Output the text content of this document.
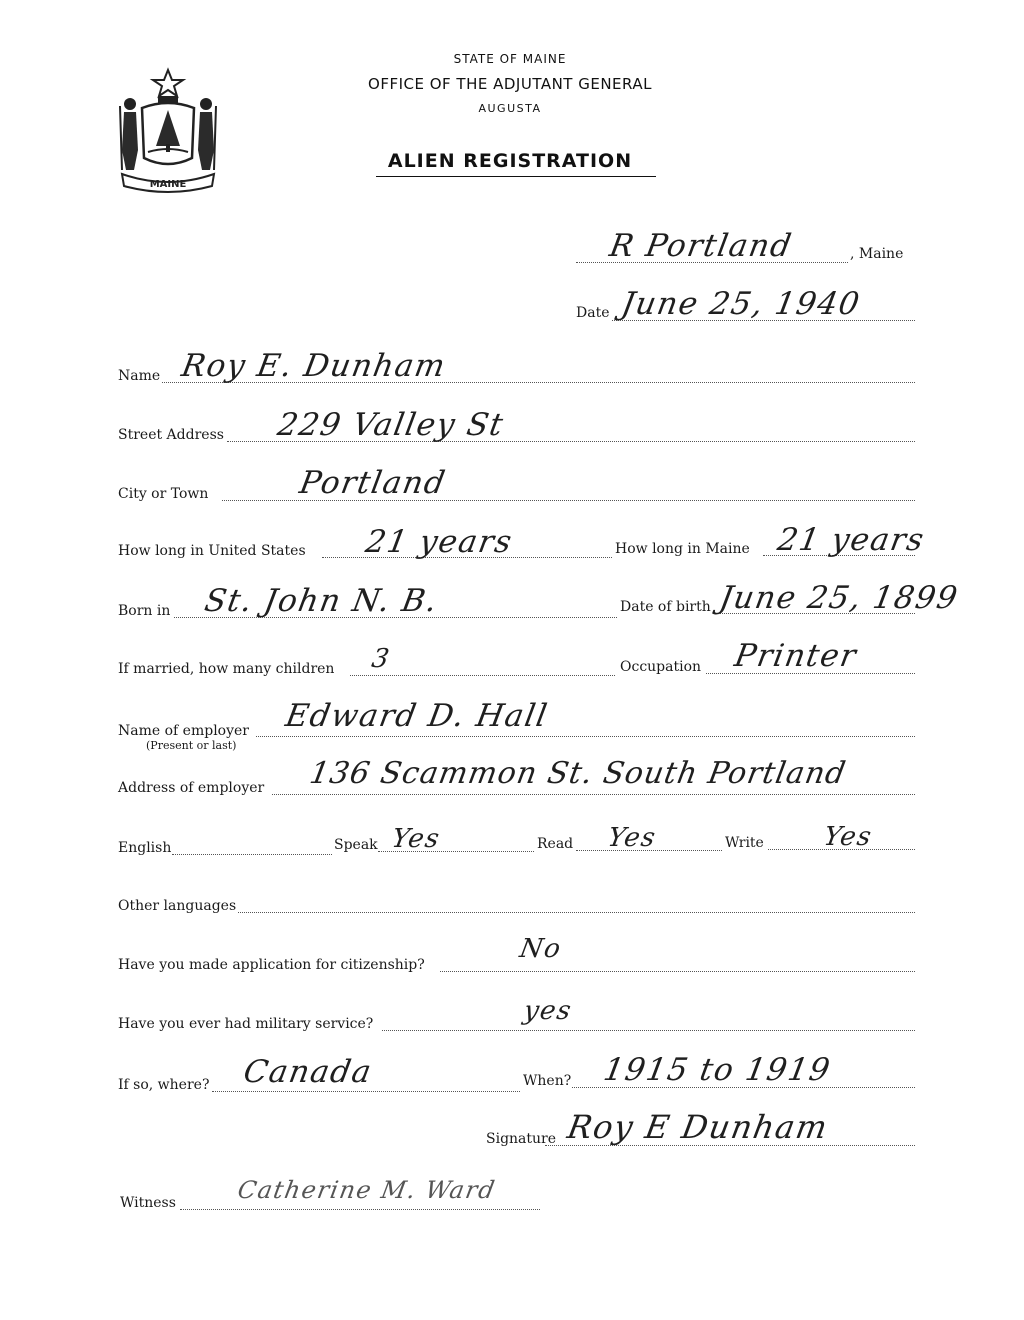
MAINE
STATE OF MAINE
OFFICE OF THE ADJUTANT GENERAL
AUGUSTA
ALIEN REGISTRATION
R Portland	, Maine
Date June 25, 1940
Name Roy E. Dunham
Street Address 229 Valley St
City or Town	Portland
How long in United States 21 years	How long in Maine 21 years
Born in St. John N. B.	Date of birth June 25, 1899
If married, how many children 3	Occupation Printer
Name of employer
(Present or last)
Edward D. Hall
Address of employer 136 Scammon St. South Portland
English	Speak Yes	Read Yes	Write Yes
Other languages
Have you made application for citizenship?
No
Have you ever had military service?	yes
If so, where? Canada	When? 1915 to 1919
Signature Roy E Dunham
Witness Catherine M. Ward
